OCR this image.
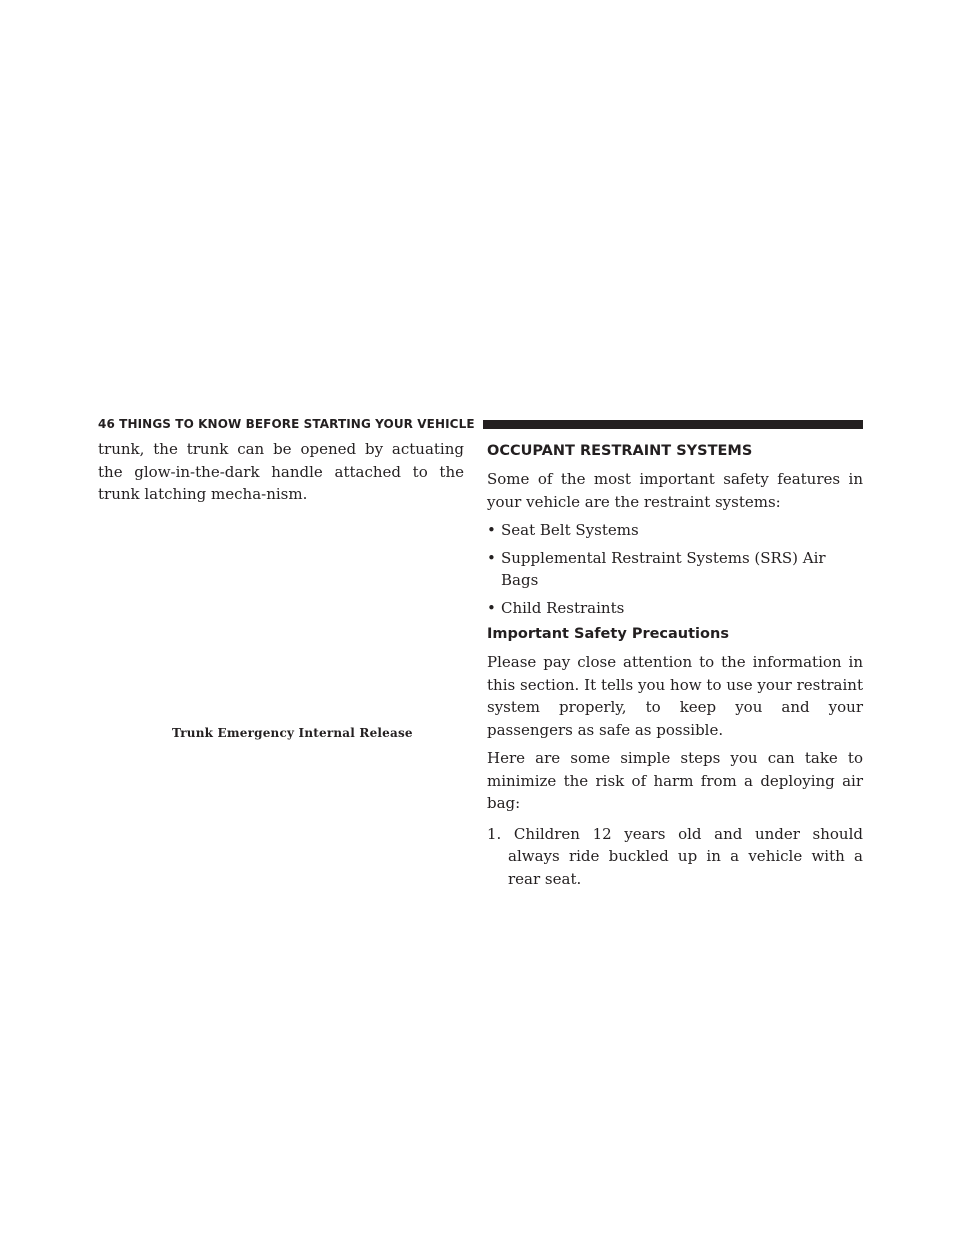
46 THINGS TO KNOW BEFORE STARTING YOUR VEHICLE

trunk, the trunk can be opened by actuating the glow-in-the-dark handle attached to the trunk latching mecha-nism.

Trunk Emergency Internal Release
OCCUPANT RESTRAINT SYSTEMS

Some of the most important safety features in your vehicle are the restraint systems:

• Seat Belt Systems
• Supplemental Restraint Systems (SRS) Air Bags
• Child Restraints
Important Safety Precautions

Please pay close attention to the information in this section. It tells you how to use your restraint system properly, to keep you and your passengers as safe as possible.

Here are some simple steps you can take to minimize the risk of harm from a deploying air bag:

1. Children 12 years old and under should always ride buckled up in a vehicle with a rear seat.
